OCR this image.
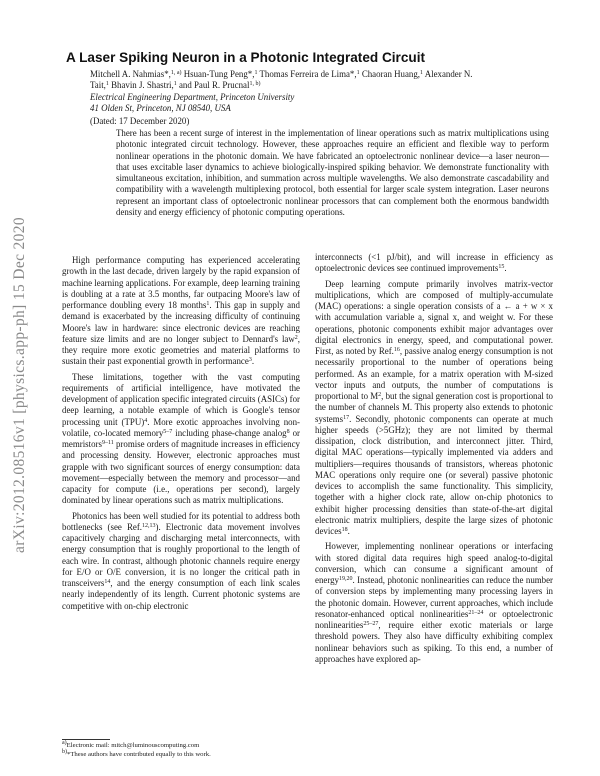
arXiv:2012.08516v1 [physics.app-ph] 15 Dec 2020
A Laser Spiking Neuron in a Photonic Integrated Circuit
Mitchell A. Nahmias*,$^{1, a)}$ Hsuan-Tung Peng*,$^1$ Thomas Ferreira de Lima*,$^1$ Chaoran Huang,$^1$ Alexander N.
Tait,$^1$ Bhavin J. Shastri,$^1$ and Paul R. Prucnal$^{1, b)}$
Electrical Engineering Department, Princeton University
41 Olden St, Princeton, NJ 08540, USA
(Dated: 17 December 2020)

There has been a recent surge of interest in the implementation of linear operations such as matrix multiplications using photonic integrated circuit technology. However, these approaches require an efficient and flexible way to perform nonlinear operations in the photonic domain. We have fabricated an optoelectronic nonlinear device—a laser neuron—that uses excitable laser dynamics to achieve biologically-inspired spiking behavior. We demonstrate functionality with simultaneous excitation, inhibition, and summation across multiple wavelengths. We also demonstrate cascadability and compatibility with a wavelength multiplexing protocol, both essential for larger scale system integration. Laser neurons represent an important class of optoelectronic nonlinear processors that can complement both the enormous bandwidth density and energy efficiency of photonic computing operations.

High performance computing has experienced accelerating growth in the last decade, driven largely by the rapid expansion of machine learning applications. For example, deep learning training is doubling at a rate at 3.5 months, far outpacing Moore's law of performance doubling every 18 months$^1$. This gap in supply and demand is exacerbated by the increasing difficulty of continuing Moore's law in hardware: since electronic devices are reaching feature size limits and are no longer subject to Dennard's law$^2$, they require more exotic geometries and material platforms to sustain their past exponential growth in performance$^3$.

These limitations, together with the vast computing requirements of artificial intelligence, have motivated the development of application specific integrated circuits (ASICs) for deep learning, a notable example of which is Google's tensor processing unit (TPU)$^4$. More exotic approaches involving non-volatile, co-located memory$^{5-7}$ including phase-change analog$^8$ or memristors$^{9-11}$ promise orders of magnitude increases in efficiency and processing density. However, electronic approaches must grapple with two significant sources of energy consumption: data movement—especially between the memory and processor—and capacity for compute (i.e., operations per second), largely dominated by linear operations such as matrix multiplications.

Photonics has been well studied for its potential to address both bottlenecks (see Ref.$^{12,13}$). Electronic data movement involves capacitively charging and discharging metal interconnects, with energy consumption that is roughly proportional to the length of each wire. In contrast, although photonic channels require energy for E/O or O/E conversion, it is no longer the critical path in transceivers$^{14}$, and the energy consumption of each link scales nearly independently of its length. Current photonic systems are competitive with on-chip electronic

interconnects (<1 pJ/bit), and will increase in efficiency as optoelectronic devices see continued improvements$^{15}$.

Deep learning compute primarily involves matrix-vector multiplications, which are composed of multiply-accumulate (MAC) operations: a single operation consists of a ← a + w × x with accumulation variable a, signal x, and weight w. For these operations, photonic components exhibit major advantages over digital electronics in energy, speed, and computational power. First, as noted by Ref.$^{16}$, passive analog energy consumption is not necessarily proportional to the number of operations being performed. As an example, for a matrix operation with M-sized vector inputs and outputs, the number of computations is proportional to $M^2$, but the signal generation cost is proportional to the number of channels M. This property also extends to photonic systems$^{17}$. Secondly, photonic components can operate at much higher speeds (>5GHz); they are not limited by thermal dissipation, clock distribution, and interconnect jitter. Third, digital MAC operations—typically implemented via adders and multipliers—requires thousands of transistors, whereas photonic MAC operations only require one (or several) passive photonic devices to accomplish the same functionality. This simplicity, together with a higher clock rate, allow on-chip photonics to exhibit higher processing densities than state-of-the-art digital electronic matrix multipliers, despite the large sizes of photonic devices$^{18}$.

However, implementing nonlinear operations or interfacing with stored digital data requires high speed analog-to-digital conversion, which can consume a significant amount of energy$^{19,20}$. Instead, photonic nonlinearities can reduce the number of conversion steps by implementing many processing layers in the photonic domain. However, current approaches, which include resonator-enhanced optical nonlinearities$^{21-24}$ or optoelectronic nonlinearities$^{25-27}$, require either exotic materials or large threshold powers. They also have difficulty exhibiting complex nonlinear behaviors such as spiking. To this end, a number of approaches have explored ap-

$^{a)}$Electronic mail: mitch@luminouscomputing.com
$^{b)}$*These authors have contributed equally to this work.
